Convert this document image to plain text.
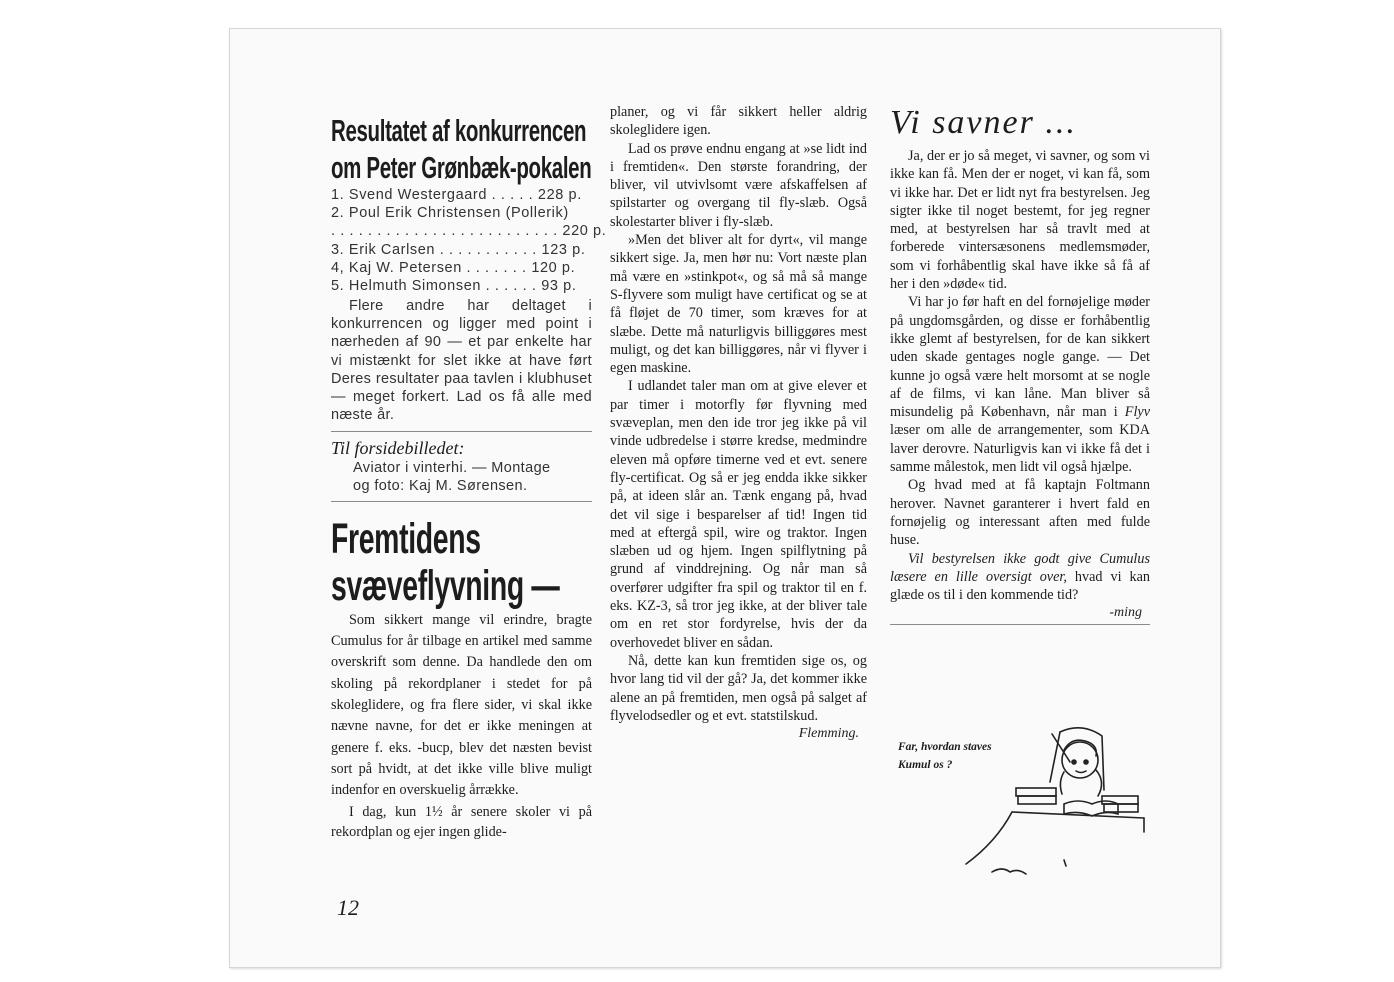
Resultatet af konkurrencen
om Peter Grønbæk-pokalen
1. Svend Westergaard . . . . . 228 p.
2. Poul Erik Christensen (Pollerik)
. . . . . . . . . . . . . . . . . . . . . . . . . 220 p.
3. Erik Carlsen . . . . . . . . . . . 123 p.
4, Kaj W. Petersen . . . . . . . 120 p.
5. Helmuth Simonsen . . . . . . 93 p.

Flere andre har deltaget i konkurrencen og ligger med point i nærheden af 90 — et par enkelte har vi mistænkt for slet ikke at have ført Deres resultater paa tavlen i klubhuset — meget forkert. Lad os få alle med næste år.

Til forsidebilledet:

Aviator i vinterhi. — Montage

og foto: Kaj M. Sørensen.

Fremtidens
svæveflyvning —

Som sikkert mange vil erindre, bragte Cumulus for år tilbage en artikel med samme overskrift som denne. Da handlede den om skoling på rekordplaner i stedet for på skoleglidere, og fra flere sider, vi skal ikke nævne navne, for det er ikke meningen at genere f. eks. -bucp, blev det næsten bevist sort på hvidt, at det ikke ville blive muligt indenfor en overskuelig årrække.

I dag, kun 1½ år senere skoler vi på rekordplan og ejer ingen glide-

planer, og vi får sikkert heller aldrig skoleglidere igen.

Lad os prøve endnu engang at »se lidt ind i fremtiden«. Den største forandring, der bliver, vil utvivlsomt være afskaffelsen af spilstarter og overgang til fly-slæb. Også skolestarter bliver i fly-slæb.

»Men det bliver alt for dyrt«, vil mange sikkert sige. Ja, men hør nu: Vort næste plan må være en »stinkpot«, og så må så mange S-flyvere som muligt have certificat og se at få fløjet de 70 timer, som kræves for at slæbe. Dette må naturligvis billiggøres mest muligt, og det kan billiggøres, når vi flyver i egen maskine.

I udlandet taler man om at give elever et par timer i motorfly før flyvning med svæveplan, men den ide tror jeg ikke på vil vinde udbredelse i større kredse, medmindre eleven må opføre timerne ved et evt. senere fly-certificat. Og så er jeg endda ikke sikker på, at ideen slår an. Tænk engang på, hvad det vil sige i besparelser af tid! Ingen tid med at eftergå spil, wire og traktor. Ingen slæben ud og hjem. Ingen spilflytning på grund af vinddrejning. Og når man så overfører udgifter fra spil og traktor til en f. eks. KZ-3, så tror jeg ikke, at der bliver tale om en ret stor fordyrelse, hvis der da overhovedet bliver en sådan.

Nå, dette kan kun fremtiden sige os, og hvor lang tid vil der gå? Ja, det kommer ikke alene an på fremtiden, men også på salget af flyvelodsedler og et evt. statstilskud.

Flemming.

Vi savner ...

Ja, der er jo så meget, vi savner, og som vi ikke kan få. Men der er noget, vi kan få, som vi ikke har. Det er lidt nyt fra bestyrelsen. Jeg sigter ikke til noget bestemt, for jeg regner med, at bestyrelsen har så travlt med at forberede vintersæsonens medlemsmøder, som vi forhåbentlig skal have ikke så få af her i den »døde« tid.

Vi har jo før haft en del fornøjelige møder på ungdomsgården, og disse er forhåbentlig ikke glemt af bestyrelsen, for de kan sikkert uden skade gentages nogle gange. — Det kunne jo også være helt morsomt at se nogle af de films, vi kan låne. Man bliver så misundelig på København, når man i Flyv læser om alle de arrangementer, som KDA laver derovre. Naturligvis kan vi ikke få det i samme målestok, men lidt vil også hjælpe.

Og hvad med at få kaptajn Foltmann herover. Navnet garanterer i hvert fald en fornøjelig og interessant aften med fulde huse.

Vil bestyrelsen ikke godt give Cumulus læsere en lille oversigt over, hvad vi kan glæde os til i den kommende tid?

-ming

Far, hvordan staves
Kumul os ?
12
